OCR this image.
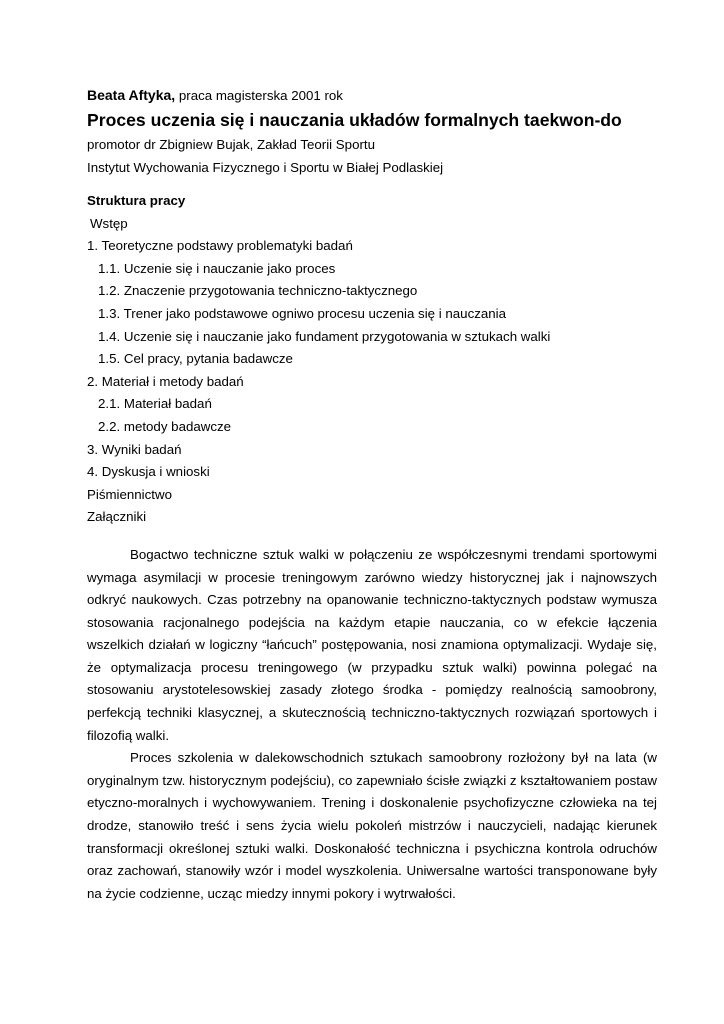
Beata Aftyka, praca magisterska 2001 rok
Proces uczenia się i nauczania układów formalnych taekwon-do
promotor dr Zbigniew Bujak, Zakład Teorii Sportu
Instytut Wychowania Fizycznego i Sportu w Białej Podlaskiej
Struktura pracy
Wstęp
1. Teoretyczne podstawy problematyki badań
1.1. Uczenie się i nauczanie jako proces
1.2. Znaczenie przygotowania techniczno-taktycznego
1.3. Trener jako podstawowe ogniwo procesu uczenia się i nauczania
1.4. Uczenie się i nauczanie jako fundament przygotowania w sztukach walki
1.5. Cel pracy, pytania badawcze
2. Materiał i metody badań
2.1. Materiał badań
2.2. metody badawcze
3. Wyniki badań
4. Dyskusja i wnioski
Piśmiennictwo
Załączniki

Bogactwo techniczne sztuk walki w połączeniu ze współczesnymi trendami sportowymi wymaga asymilacji w procesie treningowym zarówno wiedzy historycznej jak i najnowszych odkryć naukowych. Czas potrzebny na opanowanie techniczno-taktycznych podstaw wymusza stosowania racjonalnego podejścia na każdym etapie nauczania, co w efekcie łączenia wszelkich działań w logiczny “łańcuch” postępowania, nosi znamiona optymalizacji. Wydaje się, że optymalizacja procesu treningowego (w przypadku sztuk walki) powinna polegać na stosowaniu arystotelesowskiej zasady złotego środka - pomiędzy realnością samoobrony, perfekcją techniki klasycznej, a skutecznością techniczno-taktycznych rozwiązań sportowych i filozofią walki.

Proces szkolenia w dalekowschodnich sztukach samoobrony rozłożony był na lata (w oryginalnym tzw. historycznym podejściu), co zapewniało ścisłe związki z kształtowaniem postaw etyczno-moralnych i wychowywaniem. Trening i doskonalenie psychofizyczne człowieka na tej drodze, stanowiło treść i sens życia wielu pokoleń mistrzów i nauczycieli, nadając kierunek transformacji określonej sztuki walki. Doskonałość techniczna i psychiczna kontrola odruchów oraz zachowań, stanowiły wzór i model wyszkolenia. Uniwersalne wartości transponowane były na życie codzienne, ucząc miedzy innymi pokory i wytrwałości.
